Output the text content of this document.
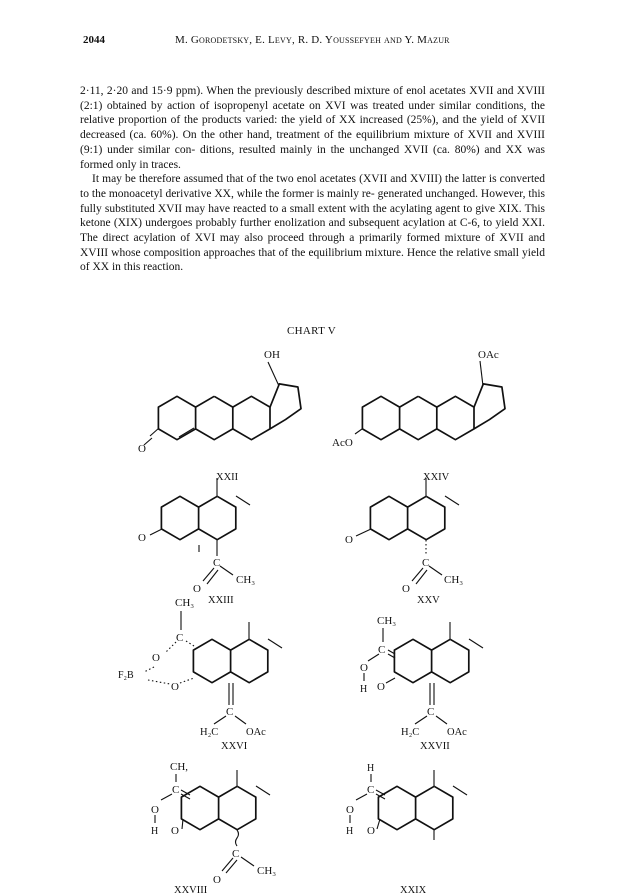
2044	M. Gorodetsky, E. Levy, R. D. Youssefyeh and Y. Mazur

2·11, 2·20 and 15·9 ppm). When the previously described mixture of enol acetates XVII and XVIII (2:1) obtained by action of isopropenyl acetate on XVI was treated under similar conditions, the relative proportion of the products varied: the yield of XX increased (25%), and the yield of XVII decreased (ca. 60%). On the other hand, treatment of the equilibrium mixture of XVII and XVIII (9:1) under similar con- ditions, resulted mainly in the unchanged XVII (ca. 80%) and XX was formed only in traces.

It may be therefore assumed that of the two enol acetates (XVII and XVIII) the latter is converted to the monoacetyl derivative XX, while the former is mainly re- generated unchanged. However, this fully substituted XVII may have reacted to a small extent with the acylating agent to give XIX. This ketone (XIX) undergoes probably further enolization and subsequent acylation at C-6, to yield XXI. The direct acylation of XVI may also proceed through a primarily formed mixture of XVII and XVIII whose composition approaches that of the equilibrium mixture. Hence the relative small yield of XX in this reaction.

CHART V
OH
O
XXII
OAc
AcO
XXIV
O
C
O
CH₃
XXIII
O
C
O
CH₃
XXV
CH₃
C
O
F₂B
O
C
H₂C	OAc
XXVI
CH₃
C
O
H O
C
H₂C	OAc
XXVII
CH,
C
O
H O
C
O
CH₃
XXVIII
H
C
O
H O
XXIX
